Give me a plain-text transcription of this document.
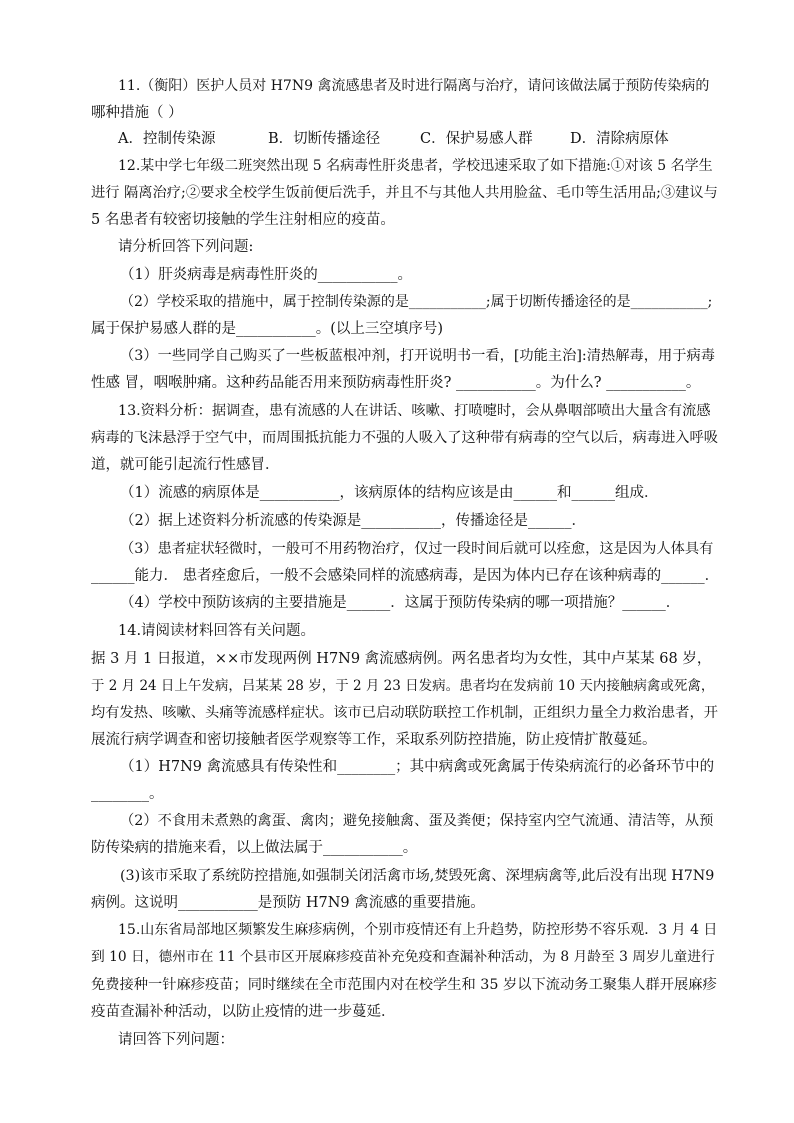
11.（衡阳）医护人员对 H7N9 禽流感患者及时进行隔离与治疗，请问该做法属于预防传染病的
哪种措施（ ）
A．控制传染源	B．切断传播途径	C．保护易感人群	D．清除病原体
12.某中学七年级二班突然出现 5 名病毒性肝炎患者，学校迅速采取了如下措施:①对该 5 名学生
进行 隔离治疗;②要求全校学生饭前便后洗手，并且不与其他人共用脸盆、毛巾等生活用品;③建议与
5 名患者有较密切接触的学生注射相应的疫苗。
请分析回答下列问题:
（1）肝炎病毒是病毒性肝炎的___________。
（2）学校采取的措施中，属于控制传染源的是___________;属于切断传播途径的是___________;
属于保护易感人群的是___________。(以上三空填序号)
（3）一些同学自己购买了一些板蓝根冲剂，打开说明书一看，[功能主治]:清热解毒，用于病毒
性感 冒，咽喉肿痛。这种药品能否用来预防病毒性肝炎? ___________。为什么? ___________。
13.资料分析：据调查，患有流感的人在讲话、咳嗽、打喷嚏时，会从鼻咽部喷出大量含有流感
病毒的飞沫悬浮于空气中，而周围抵抗能力不强的人吸入了这种带有病毒的空气以后，病毒进入呼吸
道，就可能引起流行性感冒．
（1）流感的病原体是___________，该病原体的结构应该是由______和______组成．
（2）据上述资料分析流感的传染源是___________，传播途径是______．
（3）患者症状轻微时，一般可不用药物治疗，仅过一段时间后就可以痊愈，这是因为人体具有
______能力． 患者痊愈后，一般不会感染同样的流感病毒，是因为体内已存在该种病毒的______．
（4）学校中预防该病的主要措施是______．这属于预防传染病的哪一项措施？______．
14.请阅读材料回答有关问题。
据 3 月 1 日报道，××市发现两例 H7N9 禽流感病例。两名患者均为女性，其中卢某某 68 岁，
于 2 月 24 日上午发病，吕某某 28 岁，于 2 月 23 日发病。患者均在发病前 10 天内接触病禽或死禽，
均有发热、咳嗽、头痛等流感样症状。该市已启动联防联控工作机制，正组织力量全力救治患者，开
展流行病学调查和密切接触者医学观察等工作，采取系列防控措施，防止疫情扩散蔓延。
（1）H7N9 禽流感具有传染性和________；其中病禽或死禽属于传染病流行的必备环节中的
________。
（2）不食用未煮熟的禽蛋、禽肉；避免接触禽、蛋及粪便；保持室内空气流通、清洁等，从预
防传染病的措施来看，以上做法属于___________。
(3)该市采取了系统防控措施,如强制关闭活禽市场,焚毁死禽、深埋病禽等,此后没有出现 H7N9
病例。这说明___________是预防 H7N9 禽流感的重要措施。
15.山东省局部地区频繁发生麻疹病例，个别市疫情还有上升趋势，防控形势不容乐观．3 月 4 日
到 10 日，德州市在 11 个县市区开展麻疹疫苗补充免疫和查漏补种活动，为 8 月龄至 3 周岁儿童进行
免费接种一针麻疹疫苗；同时继续在全市范围内对在校学生和 35 岁以下流动务工聚集人群开展麻疹
疫苗查漏补种活动，以防止疫情的进一步蔓延．
请回答下列问题：
